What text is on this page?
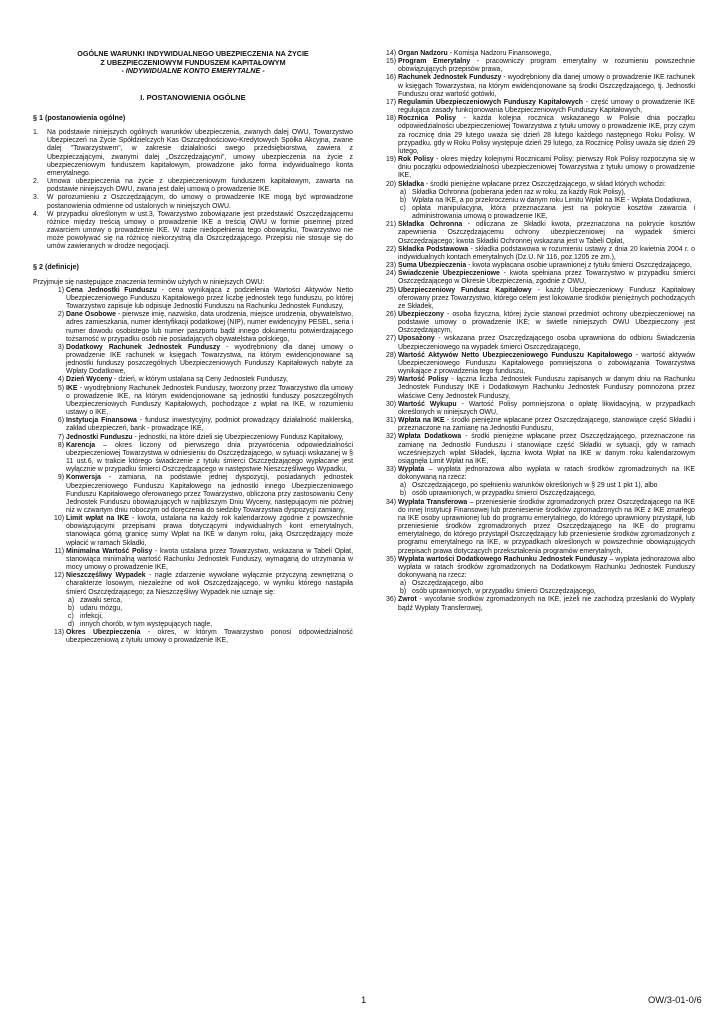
OGÓLNE WARUNKI INDYWIDUALNEGO UBEZPIECZENIA NA ŻYCIE
Z UBEZPIECZENIOWYM FUNDUSZEM KAPITAŁOWYM
- INDYWIDUALNE KONTO EMERYTALNE -
I. POSTANOWIENIA OGÓLNE
§ 1 (postanowienia ogólne)
1. Na podstawie niniejszych ogólnych warunków ubezpieczenia, zwanych dalej OWU, Towarzystwo Ubezpieczeń na Życie Spółdzielczych Kas Oszczędnościowo-Kredytowych Spółka Akcyjna, zwane dalej "Towarzystwem", w zakresie działalności swego przedsiębiorstwa, zawiera z Ubezpieczającymi, zwanymi dalej „Oszczędzającymi", umowy ubezpieczenia na życie z ubezpieczeniowym funduszem kapitałowym, prowadzone jako forma indywidualnego konta emerytalnego.
2. Umowa ubezpieczenia na życie z ubezpieczeniowym funduszem kapitałowym, zawarta na podstawie niniejszych OWU, zwana jest dalej umową o prowadzenie IKE.
3. W porozumieniu z Oszczędzającym, do umowy o prowadzenie IKE mogą być wprowadzone postanowienia odmienne od ustalonych w niniejszych OWU.
4. W przypadku określonym w ust.3, Towarzystwo zobowiązane jest przedstawić Oszczędzającemu różnice między treścią umowy o prowadzenie IKE a treścią OWU w formie pisemnej przed zawarciem umowy o prowadzenie IKE. W razie niedopełnienia tego obowiązku, Towarzystwo nie może powoływać się na różnicę niekorzystną dla Oszczędzającego. Przepisu nie stosuje się do umów zawieranych w drodze negocjacji.
§ 2 (definicje)

Przyjmuje się następujące znaczenia terminów użytych w niniejszych OWU:

1) Cena Jednostki Funduszu - cena wynikająca z podzielenia Wartości Aktywów Netto Ubezpieczeniowego Funduszu Kapitałowego przez liczbę jednostek tego funduszu, po której Towarzystwo zapisuje lub odpisuje Jednostki Funduszu na Rachunku Jednostek Funduszy,
2) Dane Osobowe - pierwsze imię, nazwisko, data urodzenia, miejsce urodzenia, obywatelstwo, adres zamieszkania, numer identyfikacji podatkowej (NIP), numer ewidencyjny PESEL, seria i numer dowodu osobistego lub numer paszportu bądź innego dokumentu potwierdzającego tożsamość w przypadku osób nie posiadających obywatelstwa polskiego,
3) Dodatkowy Rachunek Jednostek Funduszy - wyodrębniony dla danej umowy o prowadzenie IKE rachunek w księgach Towarzystwa, na którym ewidencjonowane są jednostki funduszy poszczególnych Ubezpieczeniowych Funduszy Kapitałowych nabyte za Wpłaty Dodatkowe,
4) Dzień Wyceny - dzień, w którym ustalana są Ceny Jednostek Funduszy,
5) IKE - wyodrębniony Rachunek Jednostek Funduszy, tworzony przez Towarzystwo dla umowy o prowadzenie IKE, na którym ewidencjonowane są jednostki funduszy poszczególnych Ubezpieczeniowych Funduszy Kapitałowych, pochodzące z wpłat na IKE, w rozumieniu ustawy o IKE,
6) Instytucja Finansowa - fundusz inwestycyjny, podmiot prowadzący działalność maklerską, zakład ubezpieczeń, bank - prowadzące IKE,
7) Jednostki Funduszu - jednostki, na które dzieli się Ubezpieczeniowy Fundusz Kapitałowy,
8) Karencja – okres liczony od pierwszego dnia przywrócenia odpowiedzialności ubezpieczeniowej Towarzystwa w odniesieniu do Oszczędzającego, w sytuacji wskazanej w § 11 ust.6, w trakcie którego świadczenie z tytułu śmierci Oszczędzającego wypłacane jest wyłącznie w przypadku śmierci Oszczędzającego w następstwie Nieszczęśliwego Wypadku,
9) Konwersja - zamiana, na podstawie jednej dyspozycji, posiadanych jednostek Ubezpieczeniowego Funduszu Kapitałowego na jednostki innego Ubezpieczeniowego Funduszu Kapitałowego oferowanego przez Towarzystwo, obliczona przy zastosowaniu Ceny Jednostek Funduszu obowiązujących w najbliższym Dniu Wyceny, następującym nie później niż w czwartym dniu roboczym od doręczenia do siedziby Towarzystwa dyspozycji zamiany,
10) Limit wpłat na IKE - kwota, ustalana na każdy rok kalendarzowy zgodnie z powszechnie obowiązującymi przepisami prawa dotyczącymi indywidualnych kont emerytalnych, stanowiąca górną granicę sumy Wpłat na IKE w danym roku, jaką Oszczędzający może wpłacić w ramach Składki,
11) Minimalna Wartość Polisy - kwota ustalana przez Towarzystwo, wskazana w Tabeli Opłat, stanowiąca minimalną wartość Rachunku Jednostek Funduszy, wymaganą do utrzymania w mocy umowy o prowadzenie IKE,
12) Nieszczęśliwy Wypadek - nagłe zdarzenie wywołane wyłącznie przyczyną zewnętrzną o charakterze losowym, niezależne od woli Oszczędzającego, w wyniku którego nastąpiła śmierć Oszczędzającego; za Nieszczęśliwy Wypadek nie uznaje się:
a) zawału serca,
b) udaru mózgu,
c) infekcji,
d) innych chorób, w tym występujących nagle,
13) Okres Ubezpieczenia - okres, w którym Towarzystwo ponosi odpowiedzialność ubezpieczeniową z tytułu umowy o prowadzenie IKE,
14) Organ Nadzoru - Komisja Nadzoru Finansowego,
15) Program Emerytalny - pracowniczy program emerytalny w rozumieniu powszechnie obowiązujących przepisów prawa,
16) Rachunek Jednostek Funduszy - wyodrębniony dla danej umowy o prowadzenie IKE rachunek w księgach Towarzystwa, na którym ewidencjonowane są środki Oszczędzającego, tj. Jednostki Funduszu oraz wartość gotówki,
17) Regulamin Ubezpieczeniowych Funduszy Kapitałowych - część umowy o prowadzenie IKE regulująca zasady funkcjonowania Ubezpieczeniowych Funduszy Kapitałowych,
18) Rocznica Polisy - każda kolejna rocznica wskazanego w Polisie dnia początku odpowiedzialności ubezpieczeniowej Towarzystwa z tytułu umowy o prowadzenie IKE, przy czym za rocznicę dnia 29 lutego uważa się dzień 28 lutego każdego następnego Roku Polisy. W przypadku, gdy w Roku Polisy występuje dzień 29 lutego, za Rocznicę Polisy uważa się dzień 29 lutego,
19) Rok Polisy - okres między kolejnymi Rocznicami Polisy; pierwszy Rok Polisy rozpoczyna się w dniu początku odpowiedzialności ubezpieczeniowej Towarzystwa z tytułu umowy o prowadzenie IKE,
20) Składka - środki pieniężne wpłacane przez Oszczędzającego, w skład których wchodzi:
a) Składka Ochronna (pobierana jeden raz w roku, za każdy Rok Polisy),
b) Wpłata na IKE, a po przekroczeniu w danym roku Limitu Wpłat na IKE - Wpłata Dodatkowa,
c) opłata manipulacyjna, która przeznaczana jest na pokrycie kosztów zawarcia i administrowania umową o prowadzenie IKE,
21) Składka Ochronna - odliczana ze Składki kwota, przeznaczona na pokrycie kosztów zapewnienia Oszczędzającemu ochrony ubezpieczeniowej na wypadek śmierci Oszczędzającego; kwota Składki Ochronnej wskazana jest w Tabeli Opłat,
22) Składka Podstawowa - składka podstawowa w rozumieniu ustawy z dnia 20 kwietnia 2004 r. o indywidualnych kontach emerytalnych (Dz.U. Nr 116, poz.1205 ze zm.),
23) Suma Ubezpieczenia - kwota wypłacana osobie uprawnionej z tytułu śmierci Oszczędzającego,
24) Świadczenie Ubezpieczeniowe - kwota spełniana przez Towarzystwo w przypadku śmierci Oszczędzającego w Okresie Ubezpieczenia, zgodnie z OWU,
25) Ubezpieczeniowy Fundusz Kapitałowy - każdy Ubezpieczeniowy Fundusz Kapitałowy oferowany przez Towarzystwo, którego celem jest lokowanie środków pieniężnych pochodzących ze Składek,
26) Ubezpieczony - osoba fizyczna, której życie stanowi przedmiot ochrony ubezpieczeniowej na podstawie umowy o prowadzenie IKE; w świetle niniejszych OWU Ubezpieczony jest Oszczędzającym,
27) Uposażony - wskazana przez Oszczędzającego osoba uprawniona do odbioru Świadczenia Ubezpieczeniowego na wypadek śmierci Oszczędzającego,
28) Wartość Aktywów Netto Ubezpieczeniowego Funduszu Kapitałowego - wartość aktywów Ubezpieczeniowego Funduszu Kapitałowego pomniejszona o zobowiązania Towarzystwa wynikające z prowadzenia tego funduszu,
29) Wartość Polisy - łączna liczba Jednostek Funduszu zapisanych w danym dniu na Rachunku Jednostek Funduszy IKE i Dodatkowym Rachunku Jednostek Funduszy pomnożona przez właściwe Ceny Jednostek Funduszy,
30) Wartość Wykupu - Wartość Polisy pomniejszona o opłatę likwidacyjną, w przypadkach określonych w niniejszych OWU,
31) Wpłata na IKE - środki pieniężne wpłacane przez Oszczędzającego, stanowiące część Składki i przeznaczone na zamianę na Jednostki Funduszu,
32) Wpłata Dodatkowa - środki pieniężne wpłacane przez Oszczędzającego, przeznaczone na zamianę na Jednostki Funduszu i stanowiące część Składki w sytuacji, gdy w ramach wcześniejszych wpłat Składek, łączna kwota Wpłat na IKE w danym roku kalendarzowym osiągnęła Limit Wpłat na IKE,
33) Wypłata – wypłata jednorazowa albo wypłata w ratach środków zgromadzonych na IKE dokonywaną na rzecz:
a) Oszczędzającego, po spełnieniu warunków określonych w § 29 ust 1 pkt 1), albo
b) osób uprawnionych, w przypadku śmierci Oszczędzającego,
34) Wypłata Transferowa – przeniesienie środków zgromadzonych przez Oszczędzającego na IKE do innej Instytucji Finansowej lub przeniesienie środków zgromadzonych na IKE z IKE zmarłego na IKE osoby uprawnionej lub do programu emerytalnego, do którego uprawniony przystąpił, lub przeniesienie środków zgromadzonych przez Oszczędzającego na IKE do programu emerytalnego, do którego przystąpił Oszczędzający lub przeniesienie środków zgromadzonych z programu emerytalnego na IKE, w przypadkach określonych w powszechnie obowiązujących przepisach prawa dotyczących przekształcenia programów emerytalnych,
35) Wypłata wartości Dodatkowego Rachunku Jednostek Funduszy – wypłata jednorazowa albo wypłata w ratach środków zgromadzonych na Dodatkowym Rachunku Jednostek Funduszy dokonywaną na rzecz:
a) Oszczędzającego, albo
b) osób uprawnionych, w przypadku śmierci Oszczędzającego,
36) Zwrot - wycofanie środków zgromadzonych na IKE, jeżeli nie zachodzą przesłanki do Wypłaty bądź Wypłaty Transferowej,
1	OW/3-01-0/6
